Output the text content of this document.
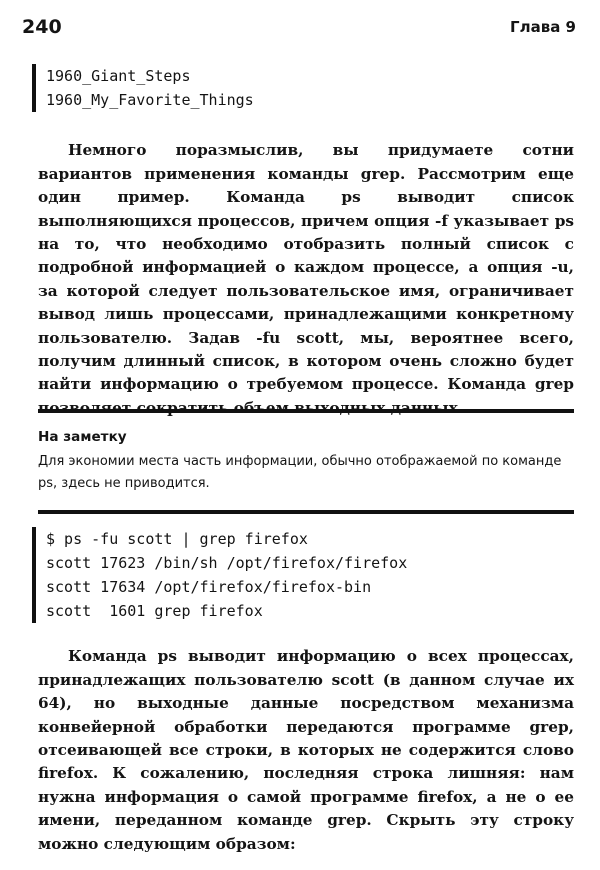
240	Глава 9
1960_Giant_Steps
1960_My_Favorite_Things

Немного поразмыслив, вы придумаете сотни вариантов применения команды grep. Рассмотрим еще один пример. Команда ps выводит список выполняющихся процессов, причем опция -f указывает ps на то, что необходимо отобразить полный список с подробной информацией о каждом процессе, а опция -u, за которой следует пользовательское имя, ограничивает вывод лишь процессами, принадлежащими конкретному пользователю. Задав -fu scott, мы, вероятнее всего, получим длинный список, в котором очень сложно будет найти информацию о требуемом процессе. Команда grep позволяет сократить объем выходных данных.

На заметку
Для экономии места часть информации, обычно отображаемой по команде ps, здесь не приводится.
$ ps -fu scott | grep firefox
scott 17623 /bin/sh /opt/firefox/firefox
scott 17634 /opt/firefox/firefox-bin
scott  1601 grep firefox

Команда ps выводит информацию о всех процессах, принадлежащих пользователю scott (в данном случае их 64), но выходные данные посредством механизма конвейерной обработки передаются программе grep, отсеивающей все строки, в которых не содержится слово firefox. К сожалению, последняя строка лишняя: нам нужна информация о самой программе firefox, а не о ее имени, переданном команде grep. Скрыть эту строку можно следующим образом:
